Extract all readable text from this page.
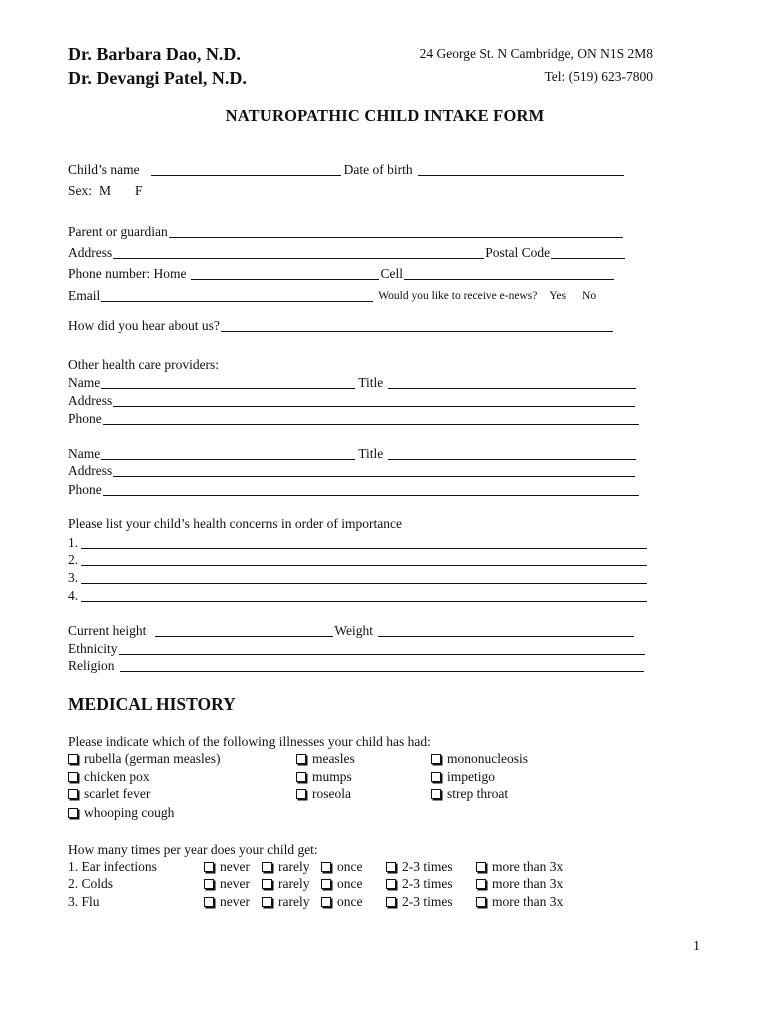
Dr. Barbara Dao, N.D.
Dr. Devangi Patel, N.D.
24 George St. N Cambridge, ON N1S 2M8
Tel: (519) 623-7800
NATUROPATHIC CHILD INTAKE FORM
Child’s name	Date of birth
Sex: M F
Parent or guardian
Address	Postal Code
Phone number: Home	Cell
Email	Would you like to receive e-news? Yes No
How did you hear about us?
Other health care providers:
Name	Title
Address
Phone
Name	Title
Address
Phone
Please list your child’s health concerns in order of importance
1.
2.
3.
4.
Current height	Weight
Ethnicity
Religion
MEDICAL HISTORY
Please indicate which of the following illnesses your child has had:
rubella (german measles)	measles	mononucleosis
chicken pox	mumps	impetigo
scarlet fever	roseola	strep throat
whooping cough
How many times per year does your child get:
1. Ear infections	never rarely once	2-3 times	more than 3x
2. Colds	never rarely once	2-3 times	more than 3x
3. Flu	never rarely once	2-3 times	more than 3x
1
